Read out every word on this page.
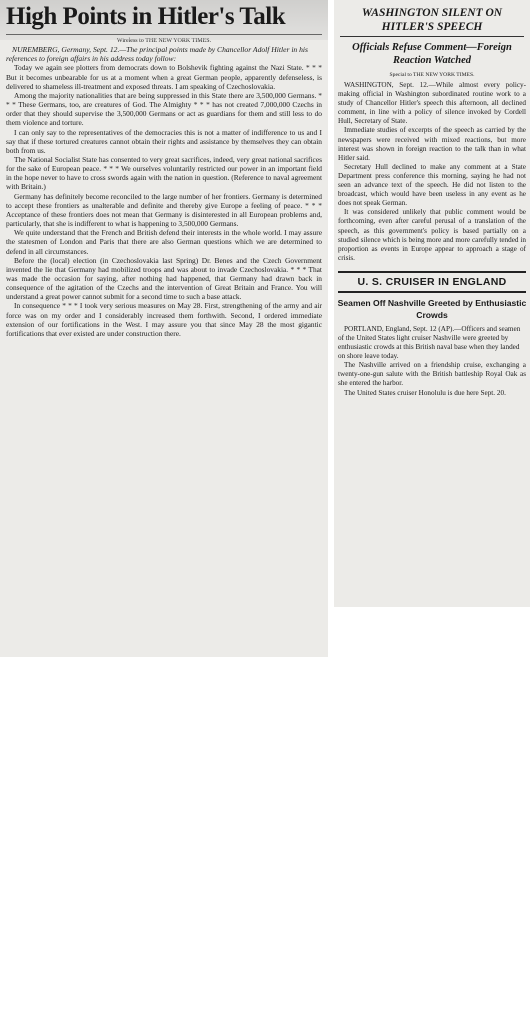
High Points in Hitler's Talk
Wireless to THE NEW YORK TIMES.
NUREMBERG, Germany, Sept. 12.—The principal points made by Chancellor Adolf Hitler in his references to foreign affairs in his address today follow:

Today we again see plotters from democrats down to Bolshevik fighting against the Nazi State. * * * But it becomes unbearable for us at a moment when a great German people, apparently defenseless, is delivered to shameless ill-treatment and exposed threats. I am speaking of Czechoslovakia.

Among the majority nationalities that are being suppressed in this State there are 3,500,000 Germans. * * * These Germans, too, are creatures of God. The Almighty * * * has not created 7,000,000 Czechs in order that they should supervise the 3,500,000 Germans or act as guardians for them and still less to do them violence and torture.

I can only say to the representatives of the democracies this is not a matter of indifference to us and I say that if these tortured creatures cannot obtain their rights and assistance by themselves they can obtain both from us.

The National Socialist State has consented to very great sacrifices, indeed, very great national sacrifices for the sake of European peace. * * * We ourselves voluntarily restricted our power in an important field in the hope never to have to cross swords again with the nation in question. (Reference to naval agreement with Britain.)

Germany has definitely become reconciled to the large number of her frontiers. Germany is determined to accept these frontiers as unalterable and definite and thereby give Europe a feeling of peace. * * * Acceptance of these frontiers does not mean that Germany is disinterested in all European problems and, particularly, that she is indifferent to what is happening to 3,500,000 Germans.

We quite understand that the French and British defend their interests in the whole world. I may assure the statesmen of London and Paris that there are also German questions which we are determined to defend in all circumstances.

Before the (local) election (in Czechoslovakia last Spring) Dr. Benes and the Czech Government invented the lie that Germany had mobilized troops and was about to invade Czechoslovakia. * * * That was made the occasion for saying, after nothing had happened, that Germany had drawn back in consequence of the agitation of the Czechs and the intervention of Great Britain and France. You will understand a great power cannot submit for a second time to such a base attack.

In consequence * * * I took very serious measures on May 28. First, strengthening of the army and air force was on my order and I considerably increased them forthwith. Second, I ordered immediate extension of our fortifications in the West. I may assure you that since May 28 the most gigantic fortifications that ever existed are under construction there.

WASHINGTON SILENT ON HITLER'S SPEECH
Officials Refuse Comment—Foreign Reaction Watched
Special to THE NEW YORK TIMES.

WASHINGTON, Sept. 12.—While almost every policy-making official in Washington subordinated routine work to a study of Chancellor Hitler's speech this afternoon, all declined comment, in line with a policy of silence invoked by Cordell Hull, Secretary of State.

Immediate studies of excerpts of the speech as carried by the newspapers were received with mixed reactions, but more interest was shown in foreign reaction to the talk than in what Hitler said.

Secretary Hull declined to make any comment at a State Department press conference this morning, saying he had not seen an advance text of the speech. He did not listen to the broadcast, which would have been useless in any event as he does not speak German.

It was considered unlikely that public comment would be forthcoming, even after careful perusal of a translation of the speech, as this government's policy is based partially on a studied silence which is being more and more carefully tended in proportion as events in Europe appear to approach a stage of crisis.

U. S. CRUISER IN ENGLAND
Seamen Off Nashville Greeted by Enthusiastic Crowds
PORTLAND, England, Sept. 12 (AP).—Officers and seamen of the United States light cruiser Nashville were greeted by enthusiastic crowds at this British naval base when they landed on shore leave today.

The Nashville arrived on a friendship cruise, exchanging a twenty-one-gun salute with the British battleship Royal Oak as she entered the harbor.

The United States cruiser Honolulu is due here Sept. 20.
